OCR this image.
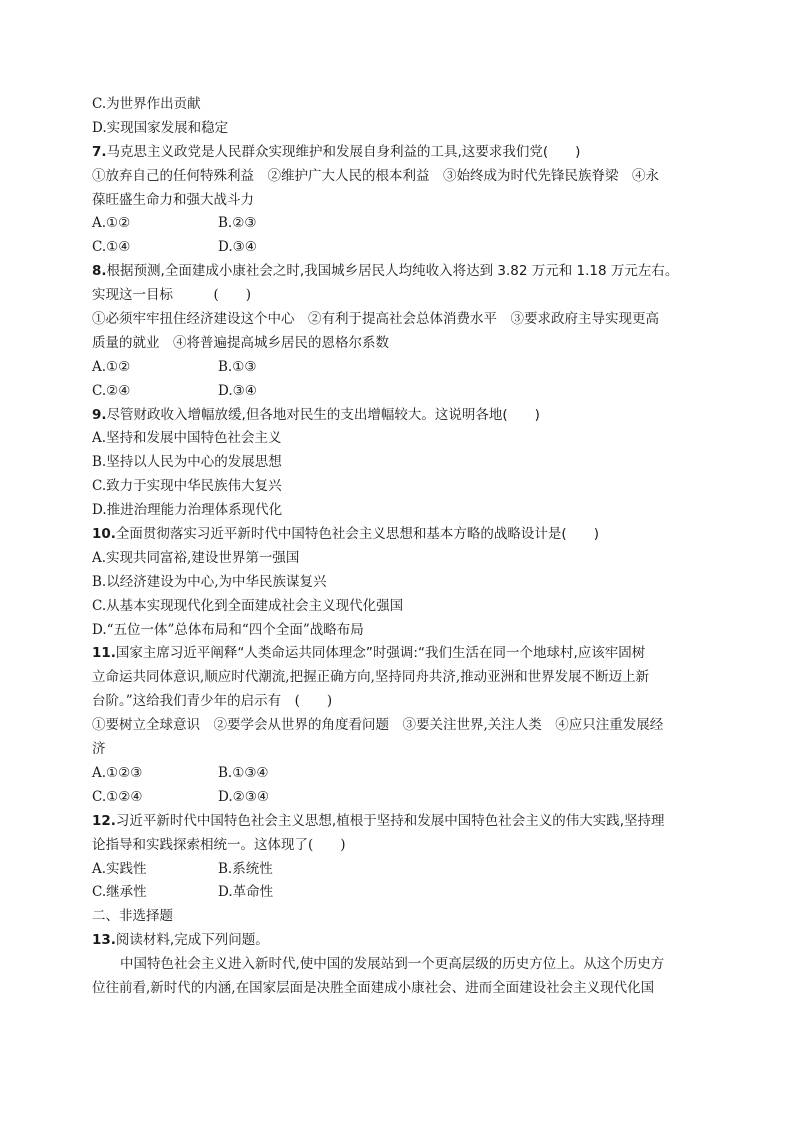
C.为世界作出贡献
D.实现国家发展和稳定
7.马克思主义政党是人民群众实现维护和发展自身利益的工具,这要求我们党(　　)
①放弃自己的任何特殊利益　②维护广大人民的根本利益　③始终成为时代先锋民族脊梁　④永
葆旺盛生命力和强大战斗力
A.①②	B.②③
C.①④	D.③④
8.根据预测,全面建成小康社会之时,我国城乡居民人均纯收入将达到 3.82 万元和 1.18 万元左右。
实现这一目标　　　(　　)
①必须牢牢扭住经济建设这个中心　②有利于提高社会总体消费水平　③要求政府主导实现更高
质量的就业　④将普遍提高城乡居民的恩格尔系数
A.①②	B.①③
C.②④	D.③④
9.尽管财政收入增幅放缓,但各地对民生的支出增幅较大。这说明各地(　　)
A.坚持和发展中国特色社会主义
B.坚持以人民为中心的发展思想
C.致力于实现中华民族伟大复兴
D.推进治理能力治理体系现代化
10.全面贯彻落实习近平新时代中国特色社会主义思想和基本方略的战略设计是(　　)
A.实现共同富裕,建设世界第一强国
B.以经济建设为中心,为中华民族谋复兴
C.从基本实现现代化到全面建成社会主义现代化强国
D.“五位一体”总体布局和“四个全面”战略布局
11.国家主席习近平阐释“人类命运共同体理念”时强调:“我们生活在同一个地球村,应该牢固树
立命运共同体意识,顺应时代潮流,把握正确方向,坚持同舟共济,推动亚洲和世界发展不断迈上新
台阶。”这给我们青少年的启示有　(　　)
①要树立全球意识　②要学会从世界的角度看问题　③要关注世界,关注人类　④应只注重发展经
济
A.①②③	B.①③④
C.①②④	D.②③④
12.习近平新时代中国特色社会主义思想,植根于坚持和发展中国特色社会主义的伟大实践,坚持理
论指导和实践探索相统一。这体现了(　　)
A.实践性	B.系统性
C.继承性	D.革命性
二、非选择题
13.阅读材料,完成下列问题。
中国特色社会主义进入新时代,使中国的发展站到一个更高层级的历史方位上。从这个历史方
位往前看,新时代的内涵,在国家层面是决胜全面建成小康社会、进而全面建设社会主义现代化国
